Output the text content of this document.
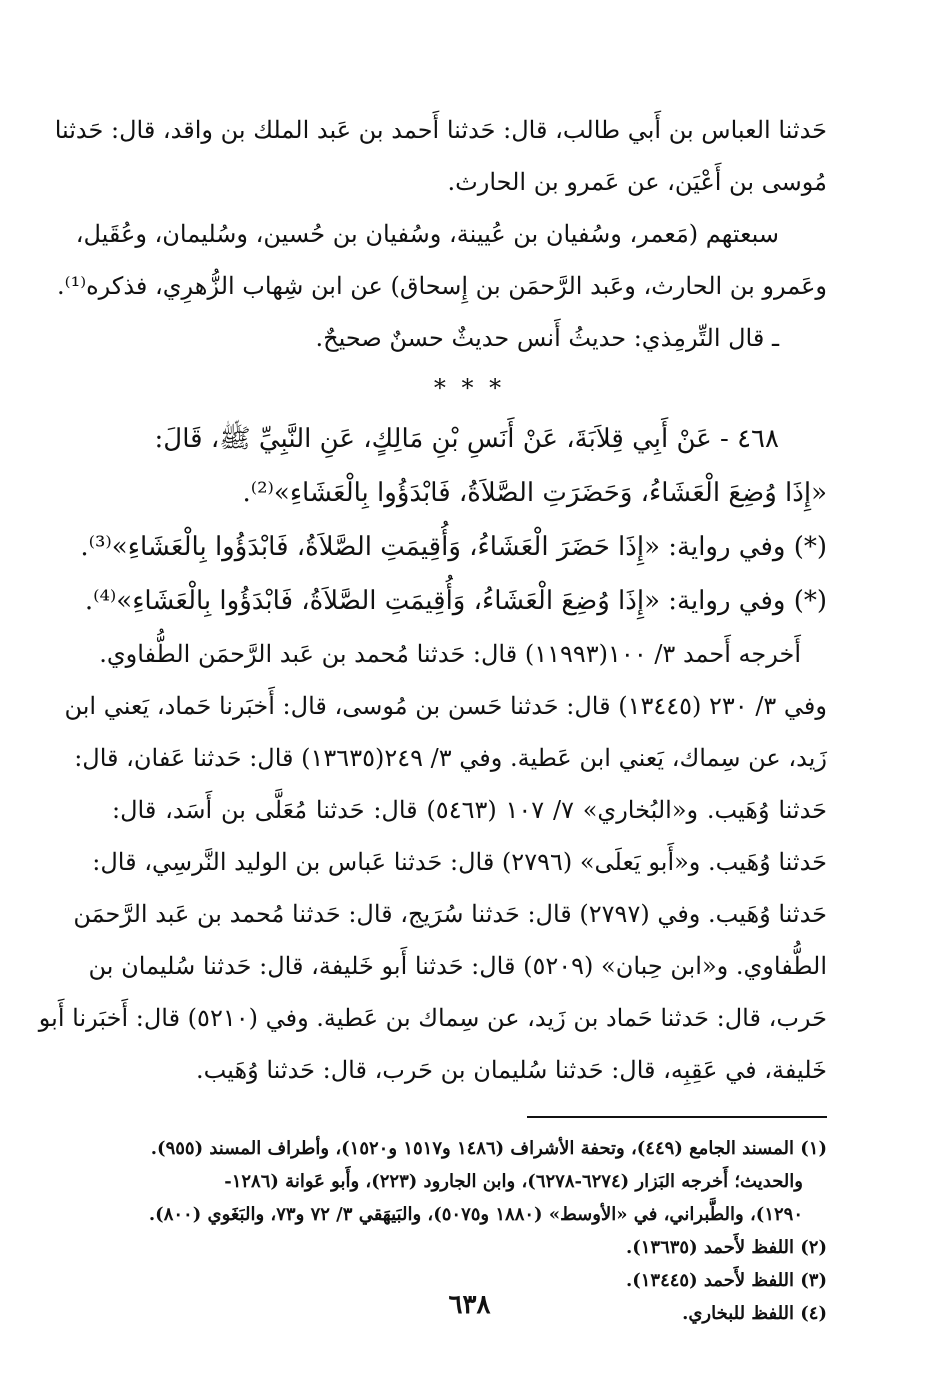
حَدثنا العباس بن أَبي طالب، قال: حَدثنا أَحمد بن عَبد الملك بن واقد، قال: حَدثنا

مُوسى بن أَعْيَن، عن عَمرو بن الحارث.

سبعتهم (مَعمر، وسُفيان بن عُيينة، وسُفيان بن حُسين، وسُليمان، وعُقَيل،

وعَمرو بن الحارث، وعَبد الرَّحمَن بن إِسحاق) عن ابن شِهاب الزُّهرِي، فذكره⁽¹⁾.

ـ قال التِّرمِذي: حديثُ أَنس حديثٌ حسنٌ صحيحٌ.

* * *

٤٦٨ - عَنْ أَبِي قِلاَبَةَ، عَنْ أَنَسِ بْنِ مَالِكٍ، عَنِ النَّبِيِّ ﷺ، قَالَ:

«إِذَا وُضِعَ الْعَشَاءُ، وَحَضَرَتِ الصَّلاَةُ، فَابْدَؤُوا بِالْعَشَاءِ»⁽²⁾.

(*) وفي رواية: «إِذَا حَضَرَ الْعَشَاءُ، وَأُقِيمَتِ الصَّلاَةُ، فَابْدَؤُوا بِالْعَشَاءِ»⁽³⁾.

(*) وفي رواية: «إِذَا وُضِعَ الْعَشَاءُ، وَأُقِيمَتِ الصَّلاَةُ، فَابْدَؤُوا بِالْعَشَاءِ»⁽⁴⁾.

أَخرجه أَحمد ٣/ ١٠٠(١١٩٩٣) قال: حَدثنا مُحمد بن عَبد الرَّحمَن الطُّفاوي.

وفي ٣/ ٢٣٠ (١٣٤٤٥) قال: حَدثنا حَسن بن مُوسى، قال: أَخبَرنا حَماد، يَعني ابن

زَيد، عن سِماك، يَعني ابن عَطية. وفي ٣/ ٢٤٩(١٣٦٣٥) قال: حَدثنا عَفان، قال:

حَدثنا وُهَيب. و«البُخاري» ٧/ ١٠٧ (٥٤٦٣) قال: حَدثنا مُعَلَّى بن أَسَد، قال:

حَدثنا وُهَيب. و«أَبو يَعلَى» (٢٧٩٦) قال: حَدثنا عَباس بن الوليد النَّرسِي، قال:

حَدثنا وُهَيب. وفي (٢٧٩٧) قال: حَدثنا سُرَيج، قال: حَدثنا مُحمد بن عَبد الرَّحمَن

الطُّفاوي. و«ابن حِبان» (٥٢٠٩) قال: حَدثنا أَبو خَليفة، قال: حَدثنا سُليمان بن

حَرب، قال: حَدثنا حَماد بن زَيد، عن سِماك بن عَطية. وفي (٥٢١٠) قال: أَخبَرنا أَبو

خَليفة، في عَقِبِه، قال: حَدثنا سُليمان بن حَرب، قال: حَدثنا وُهَيب.

(١) المسند الجامع (٤٤٩)، وتحفة الأشراف (١٤٨٦ و١٥١٧ و١٥٢٠)، وأطراف المسند (٩٥٥).

والحديث؛ أَخرجه البَزار (٦٢٧٤-٦٢٧٨)، وابن الجارود (٢٢٣)، وأَبو عَوانة (١٢٨٦-

١٢٩٠)، والطَّبراني، في «الأوسط» (١٨٨٠ و٥٠٧٥)، والبَيهَقي ٣/ ٧٢ و٧٣، والبَغَوي (٨٠٠).

(٢) اللفظ لأَحمد (١٣٦٣٥).

(٣) اللفظ لأَحمد (١٣٤٤٥).

(٤) اللفظ للبخاري.

٦٣٨
